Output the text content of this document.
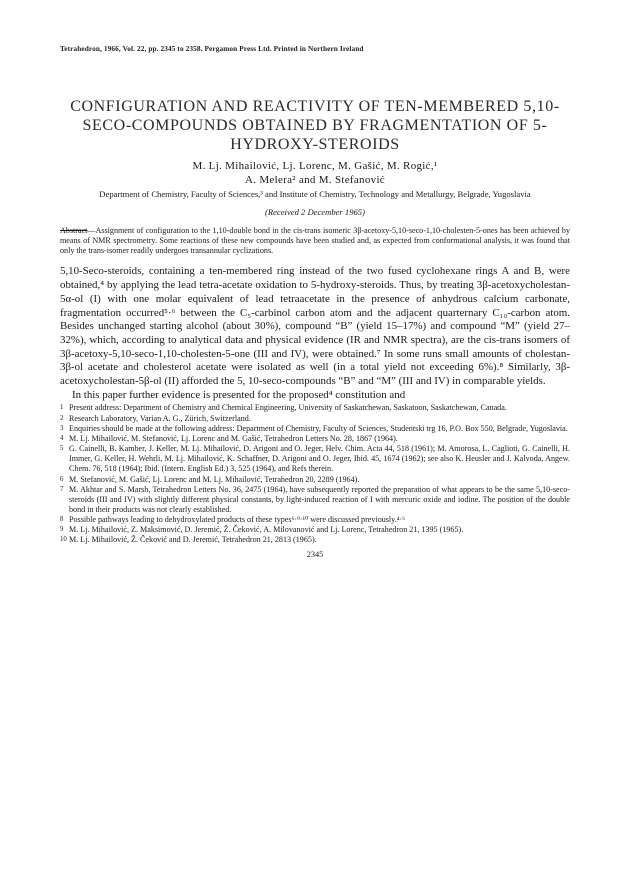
Tetrahedron, 1966, Vol. 22, pp. 2345 to 2358. Pergamon Press Ltd. Printed in Northern Ireland
CONFIGURATION AND REACTIVITY OF TEN-MEMBERED 5,10-SECO-COMPOUNDS OBTAINED BY FRAGMENTATION OF 5-HYDROXY-STEROIDS
M. Lj. Mihailović, Lj. Lorenc, M. Gašić, M. Rogić,¹
A. Melera² and M. Stefanović
Department of Chemistry, Faculty of Sciences,³ and Institute of Chemistry, Technology and Metallurgy, Belgrade, Yugoslavia
(Received 2 December 1965)
Abstract—Assignment of configuration to the 1,10-double bond in the cis-trans isomeric 3β-acetoxy-5,10-seco-1,10-cholesten-5-ones has been achieved by means of NMR spectrometry. Some reactions of these new compounds have been studied and, as expected from conformational analysis, it was found that only the trans-isomer readily undergoes transannular cyclizations.

5,10-Seco-steroids, containing a ten-membered ring instead of the two fused cyclohexane rings A and B, were obtained,⁴ by applying the lead tetra-acetate oxidation to 5-hydroxy-steroids. Thus, by treating 3β-acetoxycholestan-5α-ol (I) with one molar equivalent of lead tetraacetate in the presence of anhydrous calcium carbonate, fragmentation occurred⁵·⁶ between the C₅-carbinol carbon atom and the adjacent quarternary C₁₀-carbon atom. Besides unchanged starting alcohol (about 30%), compound “B” (yield 15–17%) and compound “M” (yield 27–32%), which, according to analytical data and physical evidence (IR and NMR spectra), are the cis-trans isomers of 3β-acetoxy-5,10-seco-1,10-cholesten-5-one (III and IV), were obtained.⁷ In some runs small amounts of cholestan-3β-ol acetate and cholesterol acetate were isolated as well (in a total yield not exceeding 6%).⁸ Similarly, 3β-acetoxycholestan-5β-ol (II) afforded the 5, 10-seco-compounds “B” and “M” (III and IV) in comparable yields.

In this paper further evidence is presented for the proposed⁴ constitution and

1 Present address: Department of Chemistry and Chemical Engineering, University of Saskatchewan, Saskatoon, Saskatchewan, Canada.
2 Research Laboratory, Varian A. G., Zürich, Switzerland.
3 Enquiries should be made at the following address: Department of Chemistry, Faculty of Sciences, Studentski trg 16, P.O. Box 550, Belgrade, Yugoslavia.
4 M. Lj. Mihailović, M. Stefanović, Lj. Lorenc and M. Gašić, Tetrahedron Letters No. 28, 1867 (1964).
5 G. Cainelli, B. Kamber, J. Keller, M. Lj. Mihailović, D. Arigoni and O. Jeger, Helv. Chim. Acta 44, 518 (1961); M. Amorosa, L. Caglioti, G. Cainelli, H. Immer, G. Keller, H. Wehrli, M. Lj. Mihailović, K. Schaffner, D. Arigoni and O. Jeger, Ibid. 45, 1674 (1962); see also K. Heusler and J. Kalvoda, Angew. Chem. 76, 518 (1964); Ibid. (Intern. English Ed.) 3, 525 (1964), and Refs therein.
6 M. Stefanović, M. Gašić, Lj. Lorenc and M. Lj. Mihailović, Tetrahedron 20, 2289 (1964).
7 M. Akhtar and S. Marsh, Tetrahedron Letters No. 36, 2475 (1964), have subsequently reported the preparation of what appears to be the same 5,10-seco-steroids (III and IV) with slightly different physical constants, by light-induced reaction of I with mercuric oxide and iodine. The position of the double bond in their products was not clearly established.
8 Possible pathways leading to dehydroxylated products of these types⁶·⁹·¹⁰ were discussed previously.⁴·⁶
9 M. Lj. Mihailović, Z. Maksimović, D. Jeremić, Ž. Čeković, A. Milovanović and Lj. Lorenc, Tetrahedron 21, 1395 (1965).
10 M. Lj. Mihailović, Ž. Čeković and D. Jeremić, Tetrahedron 21, 2813 (1965).
2345
